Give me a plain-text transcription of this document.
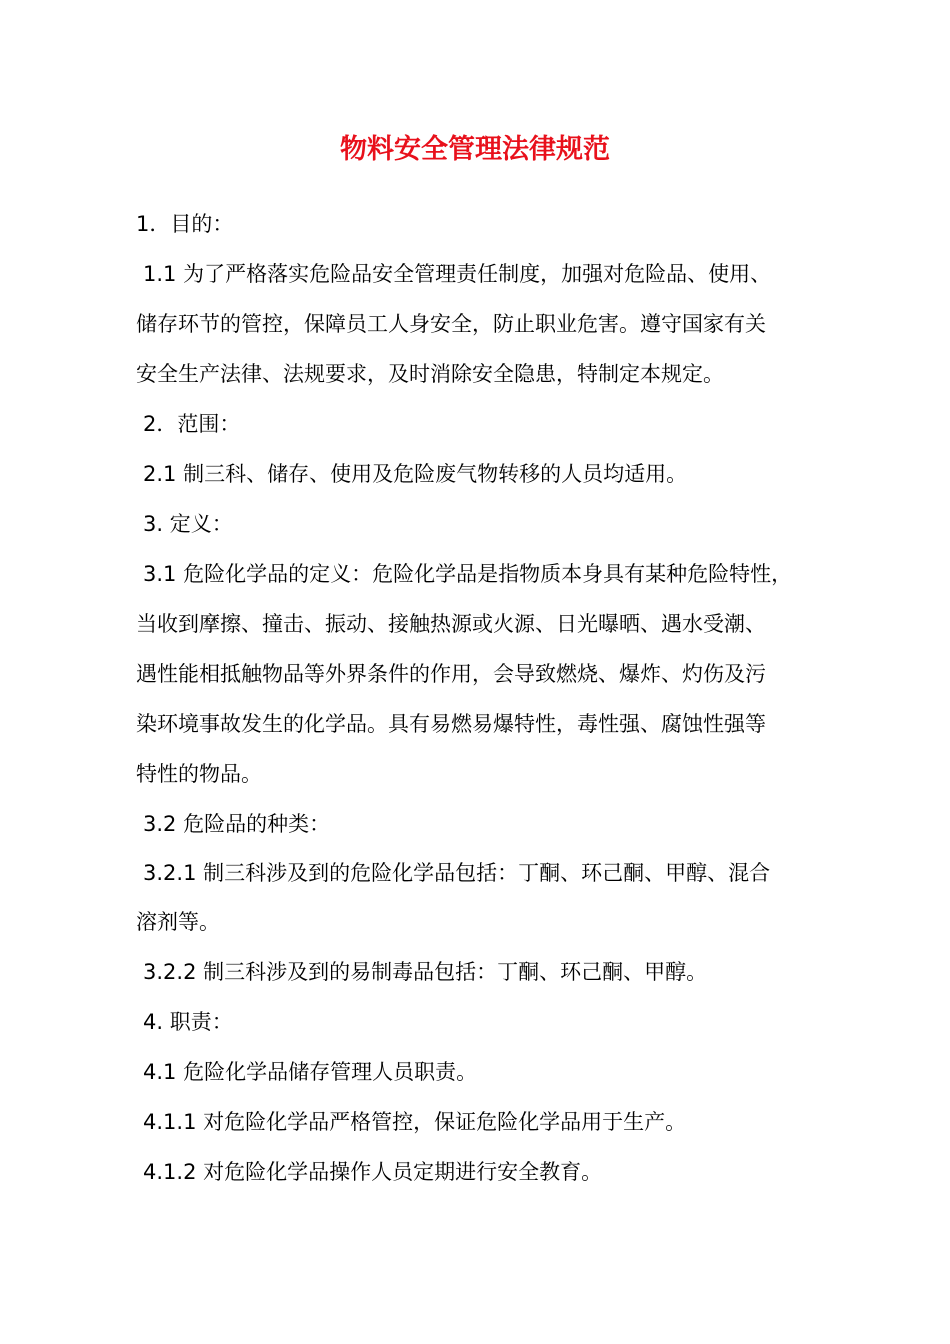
物料安全管理法律规范

1．目的：

1.1 为了严格落实危险品安全管理责任制度，加强对危险品、使用、

储存环节的管控，保障员工人身安全，防止职业危害。遵守国家有关

安全生产法律、法规要求，及时消除安全隐患，特制定本规定。

2．范围：

2.1 制三科、储存、使用及危险废气物转移的人员均适用。

3. 定义：

3.1 危险化学品的定义：危险化学品是指物质本身具有某种危险特性，

当收到摩擦、撞击、振动、接触热源或火源、日光曝晒、遇水受潮、

遇性能相抵触物品等外界条件的作用，会导致燃烧、爆炸、灼伤及污

染环境事故发生的化学品。具有易燃易爆特性，毒性强、腐蚀性强等

特性的物品。

3.2 危险品的种类：

3.2.1 制三科涉及到的危险化学品包括：丁酮、环己酮、甲醇、混合

溶剂等。

3.2.2 制三科涉及到的易制毒品包括：丁酮、环己酮、甲醇。

4. 职责：

4.1 危险化学品储存管理人员职责。

4.1.1 对危险化学品严格管控，保证危险化学品用于生产。

4.1.2 对危险化学品操作人员定期进行安全教育。
